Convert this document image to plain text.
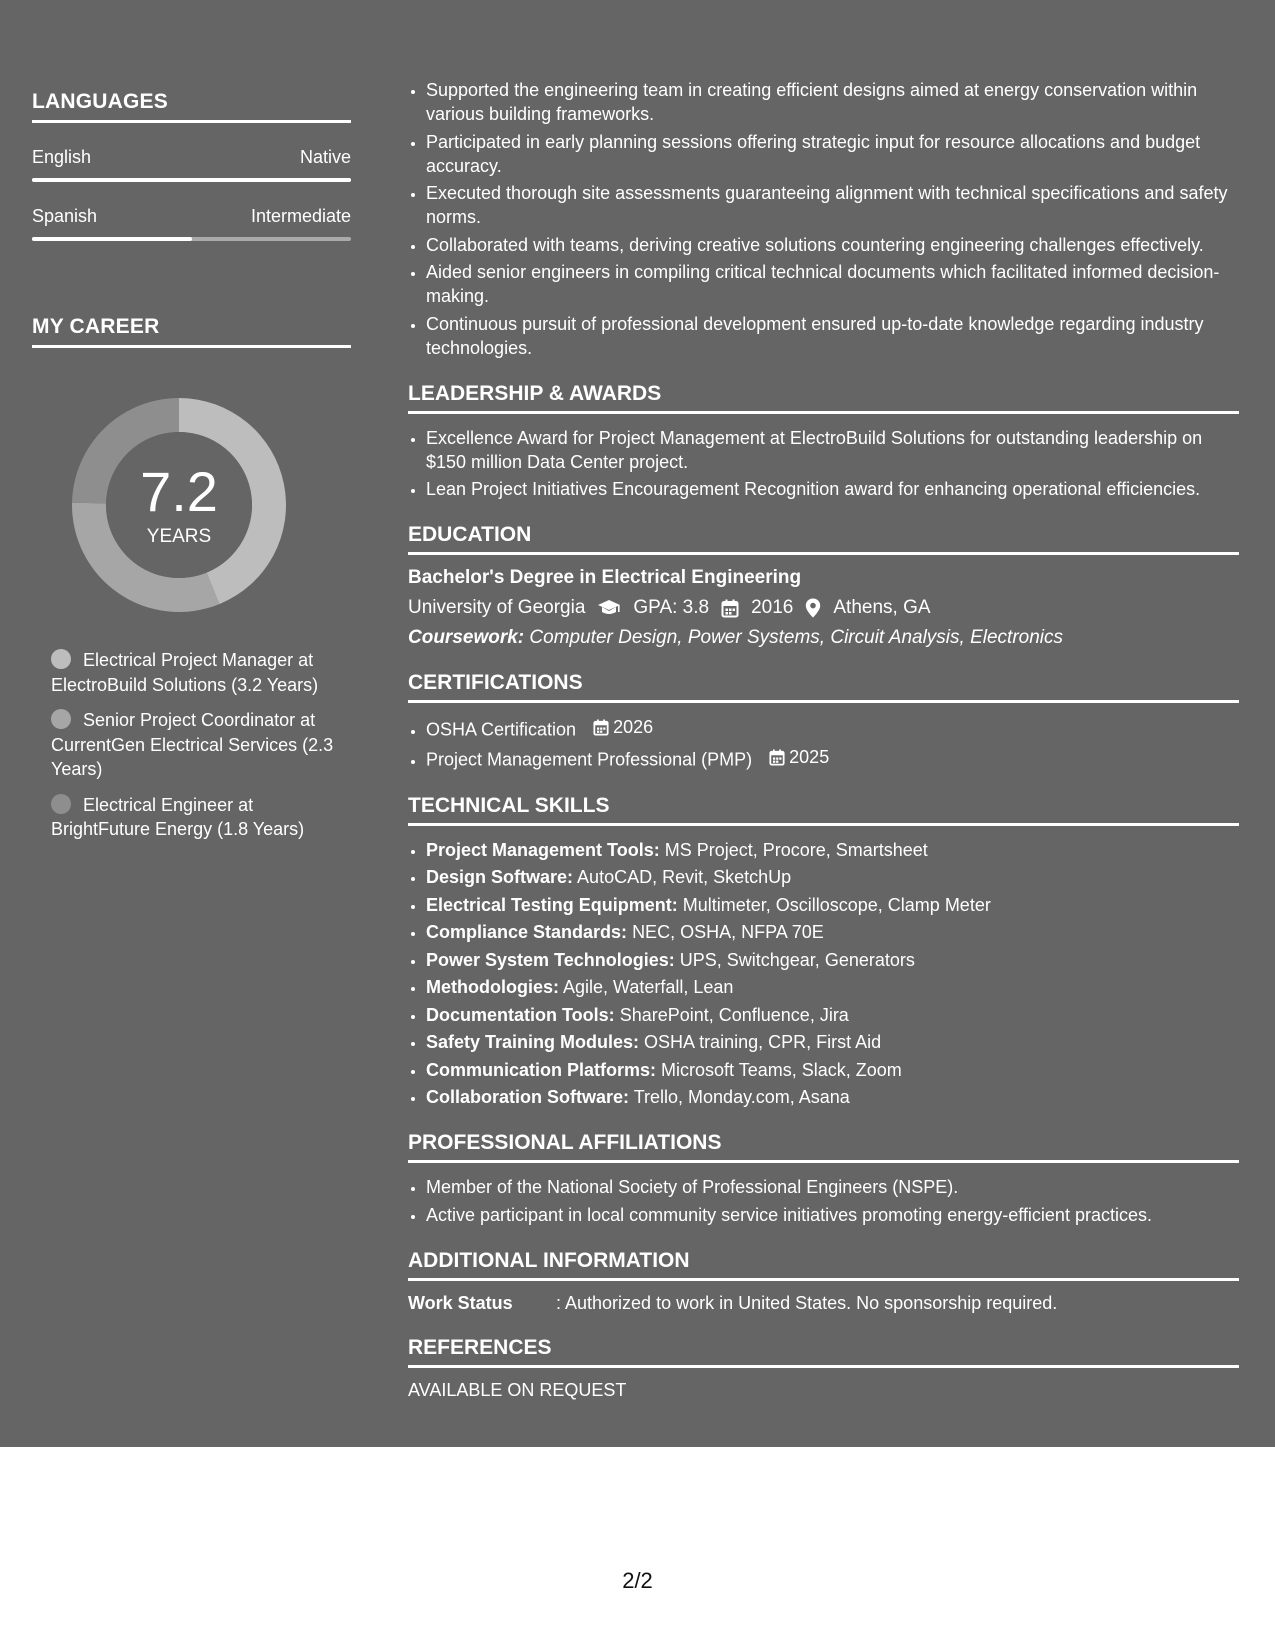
LANGUAGES
English	Native
Spanish	Intermediate
MY CAREER
7.2
YEARS
Electrical Project Manager at ElectroBuild Solutions (3.2 Years)
Senior Project Coordinator at CurrentGen Electrical Services (2.3 Years)
Electrical Engineer at BrightFuture Energy (1.8 Years)
• Supported the engineering team in creating efficient designs aimed at energy conservation within various building frameworks.
• Participated in early planning sessions offering strategic input for resource allocations and budget accuracy.
• Executed thorough site assessments guaranteeing alignment with technical specifications and safety norms.
• Collaborated with teams, deriving creative solutions countering engineering challenges effectively.
• Aided senior engineers in compiling critical technical documents which facilitated informed decision-making.
• Continuous pursuit of professional development ensured up-to-date knowledge regarding industry technologies.
LEADERSHIP & AWARDS
• Excellence Award for Project Management at ElectroBuild Solutions for outstanding leadership on $150 million Data Center project.
• Lean Project Initiatives Encouragement Recognition award for enhancing operational efficiencies.
EDUCATION
Bachelor's Degree in Electrical Engineering
University of Georgia	GPA: 3.8 2016 Athens, GA
Coursework: Computer Design, Power Systems, Circuit Analysis, Electronics
CERTIFICATIONS
• OSHA Certification 2026
• Project Management Professional (PMP) 2025
TECHNICAL SKILLS
• Project Management Tools: MS Project, Procore, Smartsheet
• Design Software: AutoCAD, Revit, SketchUp
• Electrical Testing Equipment: Multimeter, Oscilloscope, Clamp Meter
• Compliance Standards: NEC, OSHA, NFPA 70E
• Power System Technologies: UPS, Switchgear, Generators
• Methodologies: Agile, Waterfall, Lean
• Documentation Tools: SharePoint, Confluence, Jira
• Safety Training Modules: OSHA training, CPR, First Aid
• Communication Platforms: Microsoft Teams, Slack, Zoom
• Collaboration Software: Trello, Monday.com, Asana
PROFESSIONAL AFFILIATIONS
• Member of the National Society of Professional Engineers (NSPE).
• Active participant in local community service initiatives promoting energy-efficient practices.
ADDITIONAL INFORMATION
Work Status	: Authorized to work in United States. No sponsorship required.
REFERENCES
AVAILABLE ON REQUEST
2/2
